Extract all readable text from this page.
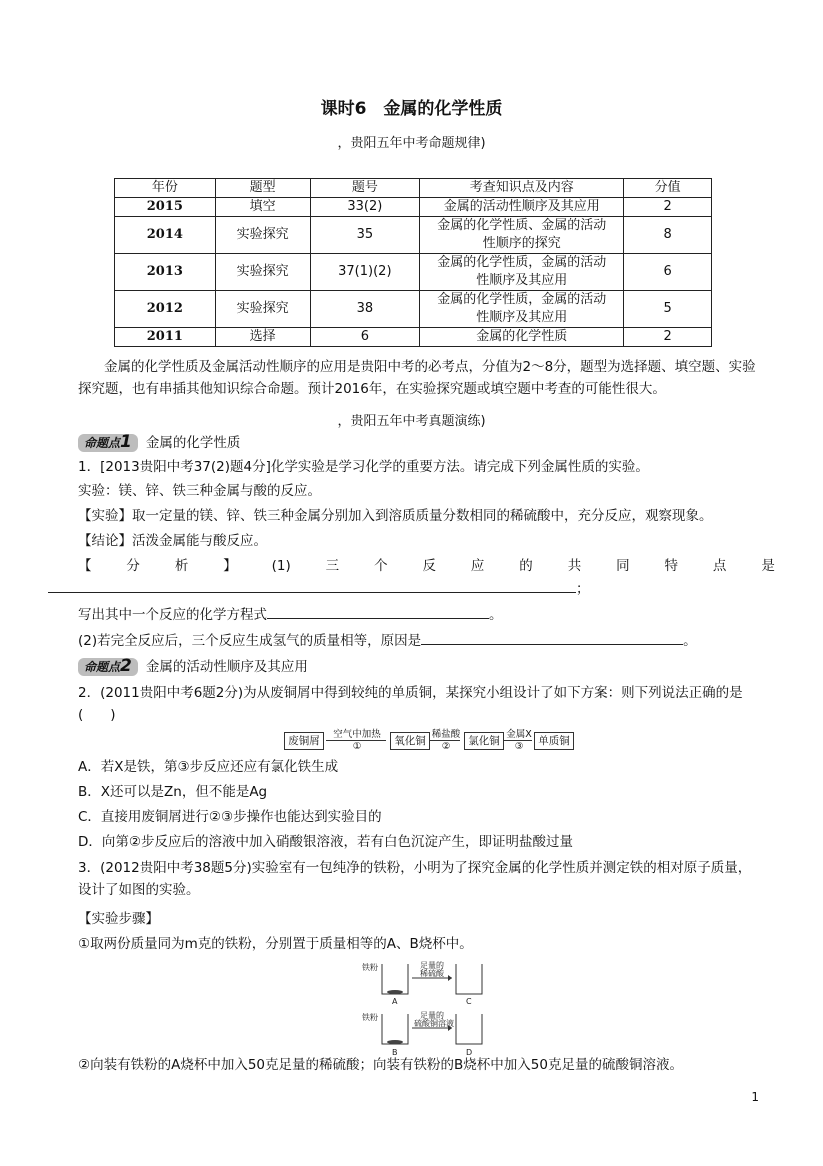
课时6　金属的化学性质
，贵阳五年中考命题规律)
年份	题型	题号	考查知识点及内容	分值
2015	填空	33(2)	金属的活动性顺序及其应用	2
2014	实验探究	35	金属的化学性质、金属的活动性顺序的探究	8
2013	实验探究	37(1)(2)	金属的化学性质，金属的活动性顺序及其应用	6
2012	实验探究	38	金属的化学性质，金属的活动性顺序及其应用	5
2011	选择	6	金属的化学性质	2
金属的化学性质及金属活动性顺序的应用是贵阳中考的必考点，分值为2～8分，题型为选择题、填空题、实验探究题，也有串插其他知识综合命题。预计2016年，在实验探究题或填空题中考查的可能性很大。
，贵阳五年中考真题演练)
命题点1 金属的化学性质
1．[2013贵阳中考37(2)题4分]化学实验是学习化学的重要方法。请完成下列金属性质的实验。
实验：镁、锌、铁三种金属与酸的反应。
【实验】取一定量的镁、锌、铁三种金属分别加入到溶质质量分数相同的稀硫酸中，充分反应，观察现象。
【结论】活泼金属能与酸反应。
【	分	析	】	(1)	三	个	反	应	的	共	同	特	点	是
；
写出其中一个反应的化学方程式	。
(2)若完全反应后，三个反应生成氢气的质量相等，原因是	。
命题点2 金属的活动性顺序及其应用
2．(2011贵阳中考6题2分)为从废铜屑中得到较纯的单质铜，某探究小组设计了如下方案：则下列说法正确的是(　　)
废铜屑
空气中加热
①	氧化铜
稀盐酸
②	氯化铜
金属X
③	单质铜
A．若X是铁，第③步反应还应有氯化铁生成
B．X还可以是Zn，但不能是Ag
C．直接用废铜屑进行②③步操作也能达到实验目的
D．向第②步反应后的溶液中加入硝酸银溶液，若有白色沉淀产生，即证明盐酸过量
3．(2012贵阳中考38题5分)实验室有一包纯净的铁粉，小明为了探究金属的化学性质并测定铁的相对原子质量，设计了如图的实验。
【实验步骤】
①取两份质量同为m克的铁粉，分别置于质量相等的A、B烧杯中。
铁粉
铁粉
足量的
稀硫酸
足量的
硫酸铜溶液
A	C
B	D
②向装有铁粉的A烧杯中加入50克足量的稀硫酸；向装有铁粉的B烧杯中加入50克足量的硫酸铜溶液。
1
